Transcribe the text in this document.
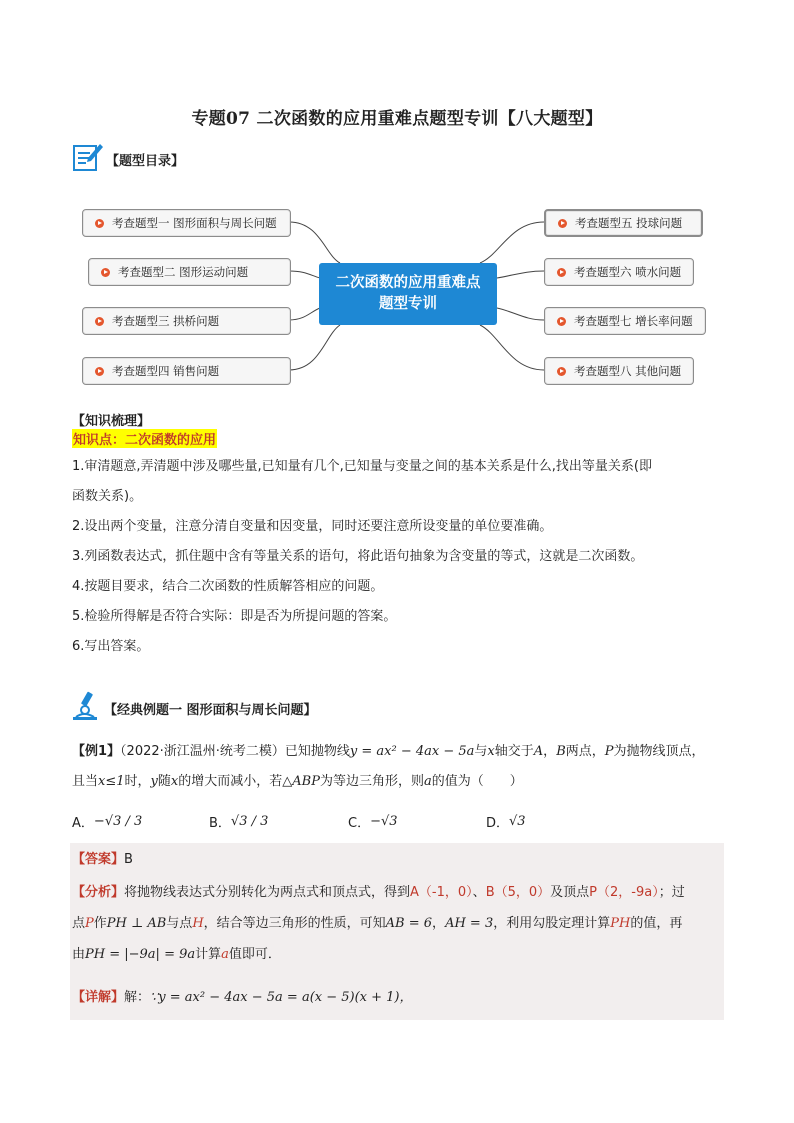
专题07 二次函数的应用重难点题型专训【八大题型】
【题型目录】
考查题型一 图形面积与周长问题
考查题型二 图形运动问题
考查题型三 拱桥问题
考查题型四 销售问题
二次函数的应用重难点
题型专训
考查题型五 投球问题
考查题型六 喷水问题
考查题型七 增长率问题
考查题型八 其他问题
【知识梳理】
知识点：二次函数的应用
1.审清题意,弄清题中涉及哪些量,已知量有几个,已知量与变量之间的基本关系是什么,找出等量关系(即
函数关系)。
2.设出两个变量，注意分清自变量和因变量，同时还要注意所设变量的单位要准确。
3.列函数表达式，抓住题中含有等量关系的语句，将此语句抽象为含变量的等式，这就是二次函数。
4.按题目要求，结合二次函数的性质解答相应的问题。
5.检验所得解是否符合实际：即是否为所提问题的答案。
6.写出答案。
【经典例题一 图形面积与周长问题】
【例1】（2022·浙江温州·统考二模）已知抛物线y = ax² − 4ax − 5a与x轴交于A，B两点，P为抛物线顶点，
且当x≤1时，y随x的增大而减小，若△ABP为等边三角形，则a的值为（　　）
A． − √3 / 3	B． √3 / 3	C． −√3	D． √3
【答案】B
【分析】将抛物线表达式分别转化为两点式和顶点式，得到A（-1，0）、B（5，0）及顶点P（2，-9a）；过
点P作PH ⊥ AB与点H，结合等边三角形的性质，可知AB = 6，AH = 3，利用勾股定理计算PH的值，再
由PH = |−9a| = 9a计算a值即可．
【详解】解：∵y = ax² − 4ax − 5a = a(x − 5)(x + 1)，
